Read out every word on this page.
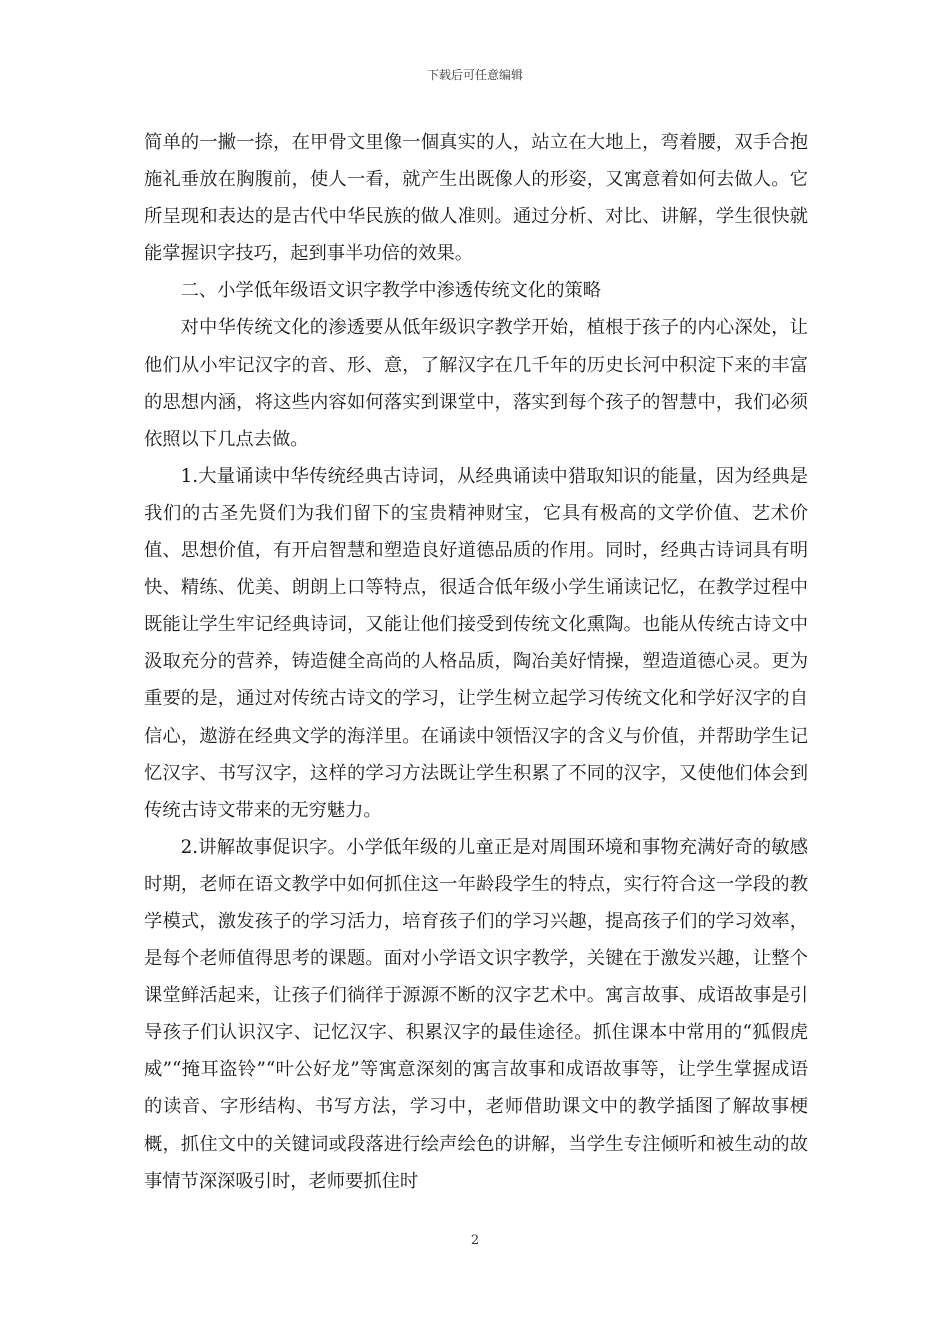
下载后可任意编辑

简单的一撇一捺，在甲骨文里像一個真实的人，站立在大地上，弯着腰，双手合抱施礼垂放在胸腹前，使人一看，就产生出既像人的形姿，又寓意着如何去做人。它所呈现和表达的是古代中华民族的做人准则。通过分析、对比、讲解，学生很快就能掌握识字技巧，起到事半功倍的效果。

二、小学低年级语文识字教学中渗透传统文化的策略

对中华传统文化的渗透要从低年级识字教学开始，植根于孩子的内心深处，让他们从小牢记汉字的音、形、意，了解汉字在几千年的历史长河中积淀下来的丰富的思想内涵，将这些内容如何落实到课堂中，落实到每个孩子的智慧中，我们必须依照以下几点去做。

1.大量诵读中华传统经典古诗词，从经典诵读中猎取知识的能量，因为经典是我们的古圣先贤们为我们留下的宝贵精神财宝，它具有极高的文学价值、艺术价值、思想价值，有开启智慧和塑造良好道德品质的作用。同时，经典古诗词具有明快、精练、优美、朗朗上口等特点，很适合低年级小学生诵读记忆，在教学过程中既能让学生牢记经典诗词，又能让他们接受到传统文化熏陶。也能从传统古诗文中汲取充分的营养，铸造健全高尚的人格品质，陶冶美好情操，塑造道德心灵。更为重要的是，通过对传统古诗文的学习，让学生树立起学习传统文化和学好汉字的自信心，遨游在经典文学的海洋里。在诵读中领悟汉字的含义与价值，并帮助学生记忆汉字、书写汉字，这样的学习方法既让学生积累了不同的汉字，又使他们体会到传统古诗文带来的无穷魅力。

2.讲解故事促识字。小学低年级的儿童正是对周围环境和事物充满好奇的敏感时期，老师在语文教学中如何抓住这一年龄段学生的特点，实行符合这一学段的教学模式，激发孩子的学习活力，培育孩子们的学习兴趣，提高孩子们的学习效率，是每个老师值得思考的课题。面对小学语文识字教学，关键在于激发兴趣，让整个课堂鲜活起来，让孩子们徜徉于源源不断的汉字艺术中。寓言故事、成语故事是引导孩子们认识汉字、记忆汉字、积累汉字的最佳途径。抓住课本中常用的“狐假虎威”“掩耳盗铃”“叶公好龙”等寓意深刻的寓言故事和成语故事等，让学生掌握成语的读音、字形结构、书写方法，学习中，老师借助课文中的教学插图了解故事梗概，抓住文中的关键词或段落进行绘声绘色的讲解，当学生专注倾听和被生动的故事情节深深吸引时，老师要抓住时

2
